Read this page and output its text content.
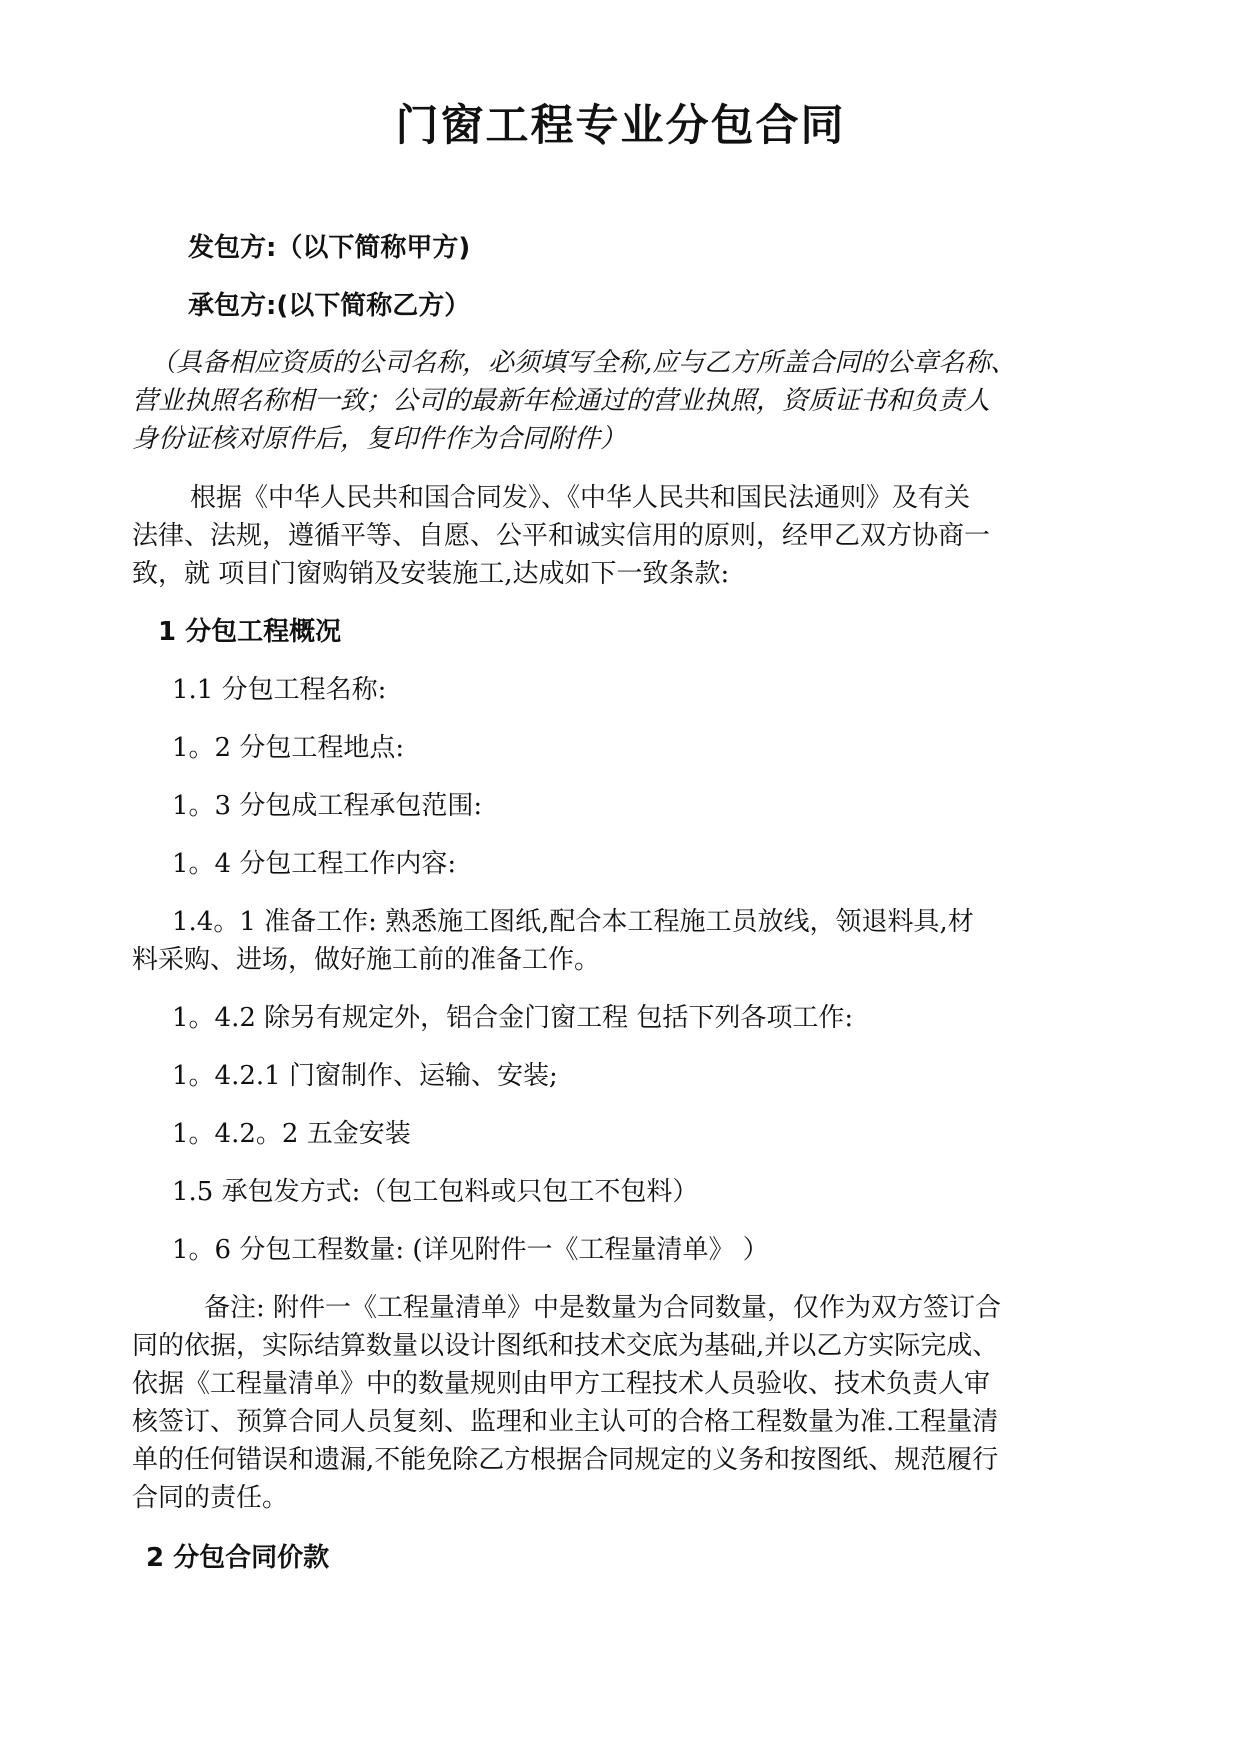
门窗工程专业分包合同
发包方:（以下简称甲方)
承包方:(以下简称乙方）
（具备相应资质的公司名称，必须填写全称,应与乙方所盖合同的公章名称、
营业执照名称相一致；公司的最新年检通过的营业执照，资质证书和负责人
身份证核对原件后，复印件作为合同附件）
根据《中华人民共和国合同发》、《中华人民共和国民法通则》及有关
法律、法规，遵循平等、自愿、公平和诚实信用的原则，经甲乙双方协商一
致，就 项目门窗购销及安装施工,达成如下一致条款:
1 分包工程概况
1.1 分包工程名称:
1。2 分包工程地点:
1。3 分包成工程承包范围:
1。4 分包工程工作内容:
1.4。1 准备工作: 熟悉施工图纸,配合本工程施工员放线，领退料具,材
料采购、进场，做好施工前的准备工作。
1。4.2 除另有规定外，铝合金门窗工程 包括下列各项工作:
1。4.2.1 门窗制作、运输、安装;
1。4.2。2 五金安装
1.5 承包发方式:（包工包料或只包工不包料）
1。6 分包工程数量: (详见附件一《工程量清单》 ）
备注: 附件一《工程量清单》中是数量为合同数量，仅作为双方签订合
同的依据，实际结算数量以设计图纸和技术交底为基础,并以乙方实际完成、
依据《工程量清单》中的数量规则由甲方工程技术人员验收、技术负责人审
核签订、预算合同人员复刻、监理和业主认可的合格工程数量为准.工程量清
单的任何错误和遗漏,不能免除乙方根据合同规定的义务和按图纸、规范履行
合同的责任。
2 分包合同价款
